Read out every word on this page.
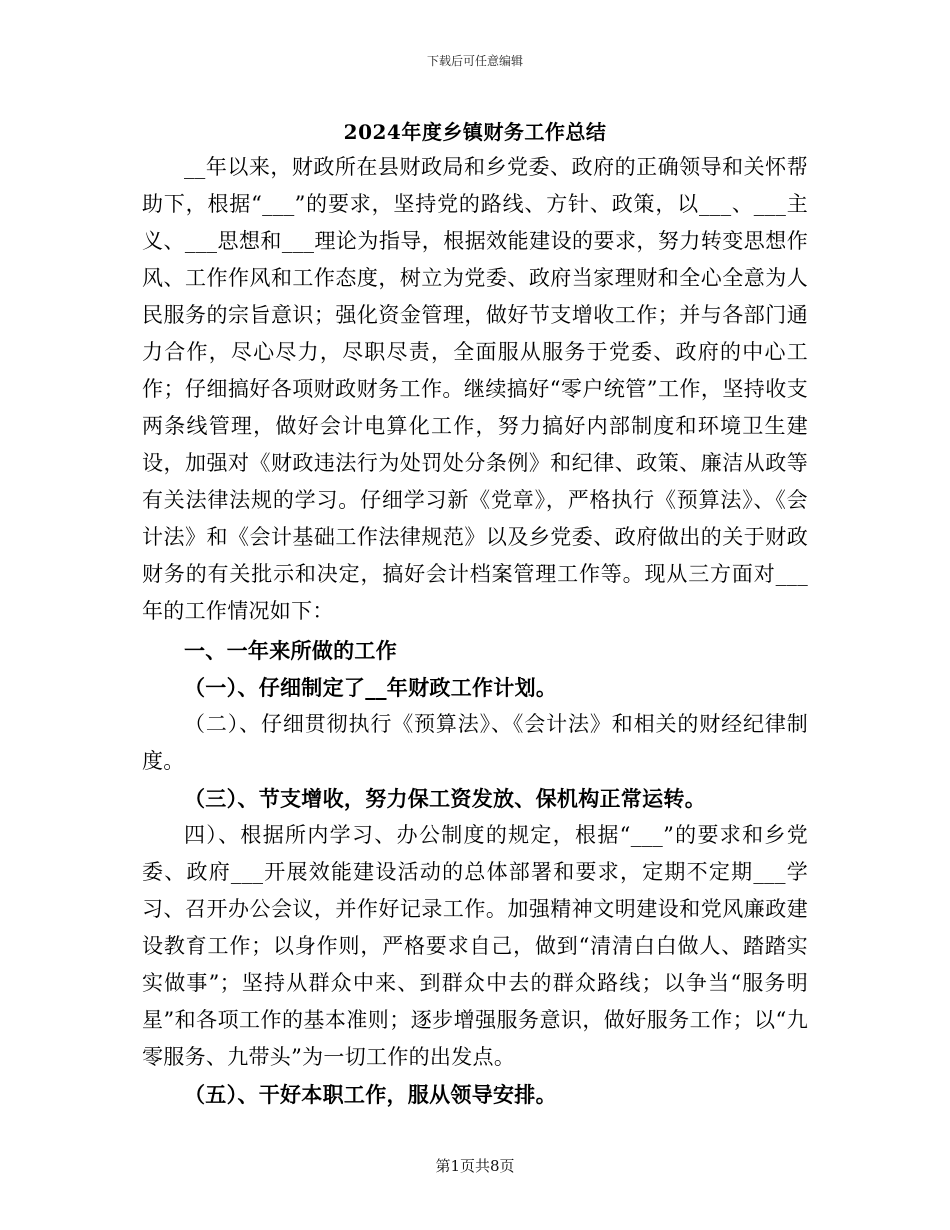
下载后可任意编辑
2024年度乡镇财务工作总结

__年以来，财政所在县财政局和乡党委、政府的正确领导和关怀帮助下，根据“___”的要求，坚持党的路线、方针、政策，以___、___主义、___思想和___理论为指导，根据效能建设的要求，努力转变思想作风、工作作风和工作态度，树立为党委、政府当家理财和全心全意为人民服务的宗旨意识；强化资金管理，做好节支增收工作；并与各部门通力合作，尽心尽力，尽职尽责，全面服从服务于党委、政府的中心工作；仔细搞好各项财政财务工作。继续搞好“零户统管”工作，坚持收支两条线管理，做好会计电算化工作，努力搞好内部制度和环境卫生建设，加强对《财政违法行为处罚处分条例》和纪律、政策、廉洁从政等有关法律法规的学习。仔细学习新《党章》，严格执行《预算法》、《会计法》和《会计基础工作法律规范》以及乡党委、政府做出的关于财政财务的有关批示和决定，搞好会计档案管理工作等。现从三方面对___年的工作情况如下：

一、一年来所做的工作

（一）、仔细制定了__年财政工作计划。

（二）、仔细贯彻执行《预算法》、《会计法》和相关的财经纪律制度。

（三）、节支增收，努力保工资发放、保机构正常运转。

四）、根据所内学习、办公制度的规定，根据“___”的要求和乡党委、政府___开展效能建设活动的总体部署和要求，定期不定期___学习、召开办公会议，并作好记录工作。加强精神文明建设和党风廉政建设教育工作；以身作则，严格要求自己，做到“清清白白做人、踏踏实实做事”；坚持从群众中来、到群众中去的群众路线；以争当“服务明星”和各项工作的基本准则；逐步增强服务意识，做好服务工作；以“九零服务、九带头”为一切工作的出发点。

（五）、干好本职工作，服从领导安排。

第1页共8页
